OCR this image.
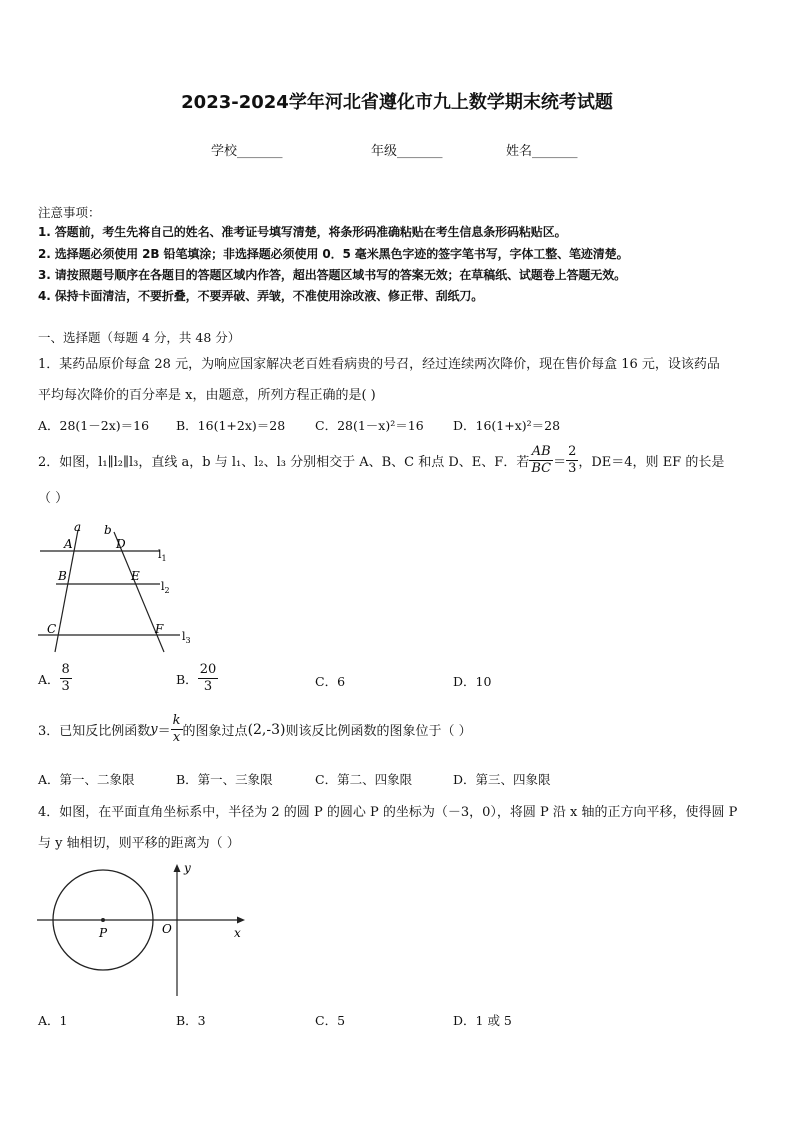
2023-2024学年河北省遵化市九上数学期末统考试题
学校_______	年级_______	姓名_______
注意事项：
1. 答题前，考生先将自己的姓名、准考证号填写清楚，将条形码准确粘贴在考生信息条形码粘贴区。
2. 选择题必须使用 2B 铅笔填涂；非选择题必须使用 0．5 毫米黑色字迹的签字笔书写，字体工整、笔迹清楚。
3. 请按照题号顺序在各题目的答题区域内作答，超出答题区域书写的答案无效；在草稿纸、试题卷上答题无效。
4. 保持卡面清洁，不要折叠，不要弄破、弄皱，不准使用涂改液、修正带、刮纸刀。
一、选择题（每题 4 分，共 48 分）
1．某药品原价每盒 28 元，为响应国家解决老百姓看病贵的号召，经过连续两次降价，现在售价每盒 16 元，设该药品
平均每次降价的百分率是 x，由题意，所列方程正确的是( )
A．28(1－2x)＝16 B．16(1+2x)＝28 C．28(1－x)²＝16 D．16(1+x)²＝28
2．如图，l₁∥l₂∥l₃，直线 a，b 与 l₁、l₂、l₃ 分别相交于 A、B、C 和点 D、E、F．若 $\frac{AB}{BC} = \frac{2}{3}$ ，DE＝4，则 EF 的长是
（ ）
a b
A	D
B	E
C	F
$l_1$
$l_2$
$l_3$
A． $\frac{8}{3}$	B． $\frac{20}{3}$	C．6	D．10
3．已知反比例函数 $y = \frac{k}{x}$ 的图象过点 (2,-3) 则该反比例函数的图象位于（ ）
A．第一、二象限	B．第一、三象限	C．第二、四象限	D．第三、四象限
4．如图，在平面直角坐标系中，半径为 2 的圆 P 的圆心 P 的坐标为（－3，0），将圆 P 沿 x 轴的正方向平移，使得圆 P
与 y 轴相切，则平移的距离为（ ）
y
x
P	O
A．1	B．3	C．5	D．1 或 5
